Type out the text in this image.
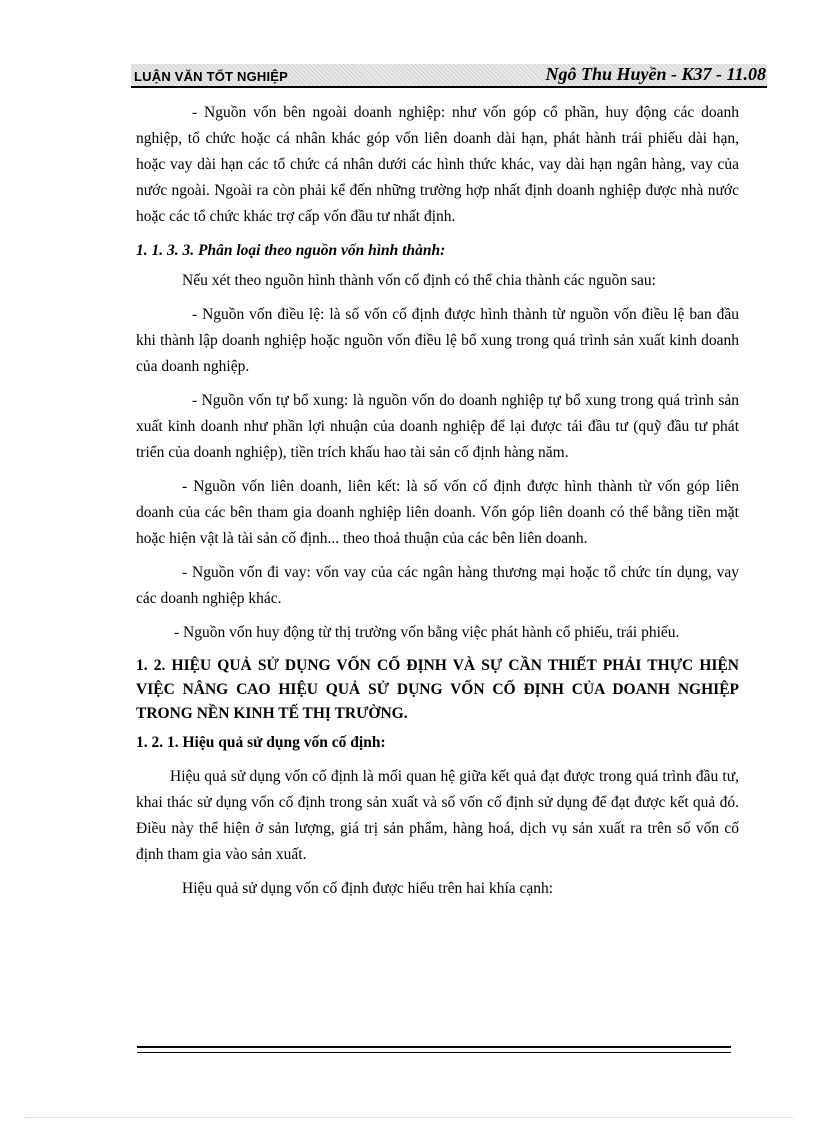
LUẬN VĂN TỐT NGHIỆP	Ngô Thu Huyền - K37 - 11.08

- Nguồn vốn bên ngoài doanh nghiệp: như vốn góp cổ phần, huy động các doanh nghiệp, tổ chức hoặc cá nhân khác góp vốn liên doanh dài hạn, phát hành trái phiếu dài hạn, hoặc vay dài hạn các tổ chức cá nhân dưới các hình thức khác, vay dài hạn ngân hàng, vay của nước ngoài. Ngoài ra còn phải kể đến những trường hợp nhất định doanh nghiệp được nhà nước hoặc các tổ chức khác trợ cấp vốn đầu tư nhất định.

1. 1. 3. 3. Phân loại theo nguồn vốn hình thành:

Nếu xét theo nguồn hình thành vốn cố định có thể chia thành các nguồn sau:

- Nguồn vốn điều lệ: là số vốn cố định được hình thành từ nguồn vốn điều lệ ban đầu khi thành lập doanh nghiệp hoặc nguồn vốn điều lệ bổ xung trong quá trình sản xuất kinh doanh của doanh nghiệp.

- Nguồn vốn tự bổ xung: là nguồn vốn do doanh nghiệp tự bổ xung trong quá trình sản xuất kinh doanh như phần lợi nhuận của doanh nghiệp để lại được tái đầu tư (quỹ đầu tư phát triển của doanh nghiệp), tiền trích khấu hao tài sản cố định hàng năm.

- Nguồn vốn liên doanh, liên kết: là số vốn cố định được hình thành từ vốn góp liên doanh của các bên tham gia doanh nghiệp liên doanh. Vốn góp liên doanh có thể bằng tiền mặt hoặc hiện vật là tài sản cố định... theo thoả thuận của các bên liên doanh.

- Nguồn vốn đi vay: vốn vay của các ngân hàng thương mại hoặc tổ chức tín dụng, vay các doanh nghiệp khác.

- Nguồn vốn huy động từ thị trường vốn bằng việc phát hành cổ phiếu, trái phiếu.

1. 2. HIỆU QUẢ SỬ DỤNG VỐN CỐ ĐỊNH VÀ SỰ CẦN THIẾT PHẢI THỰC HIỆN VIỆC NÂNG CAO HIỆU QUẢ SỬ DỤNG VỐN CỐ ĐỊNH CỦA DOANH NGHIỆP TRONG NỀN KINH TẾ THỊ TRƯỜNG.

1. 2. 1. Hiệu quả sử dụng vốn cố định:

Hiệu quả sử dụng vốn cố định là mối quan hệ giữa kết quả đạt được trong quá trình đầu tư, khai thác sử dụng vốn cố định trong sản xuất và số vốn cố định sử dụng để đạt được kết quả đó. Điều này thể hiện ở sản lượng, giá trị sản phẩm, hàng hoá, dịch vụ sản xuất ra trên số vốn cố định tham gia vào sản xuất.

Hiệu quả sử dụng vốn cố định được hiểu trên hai khía cạnh:
